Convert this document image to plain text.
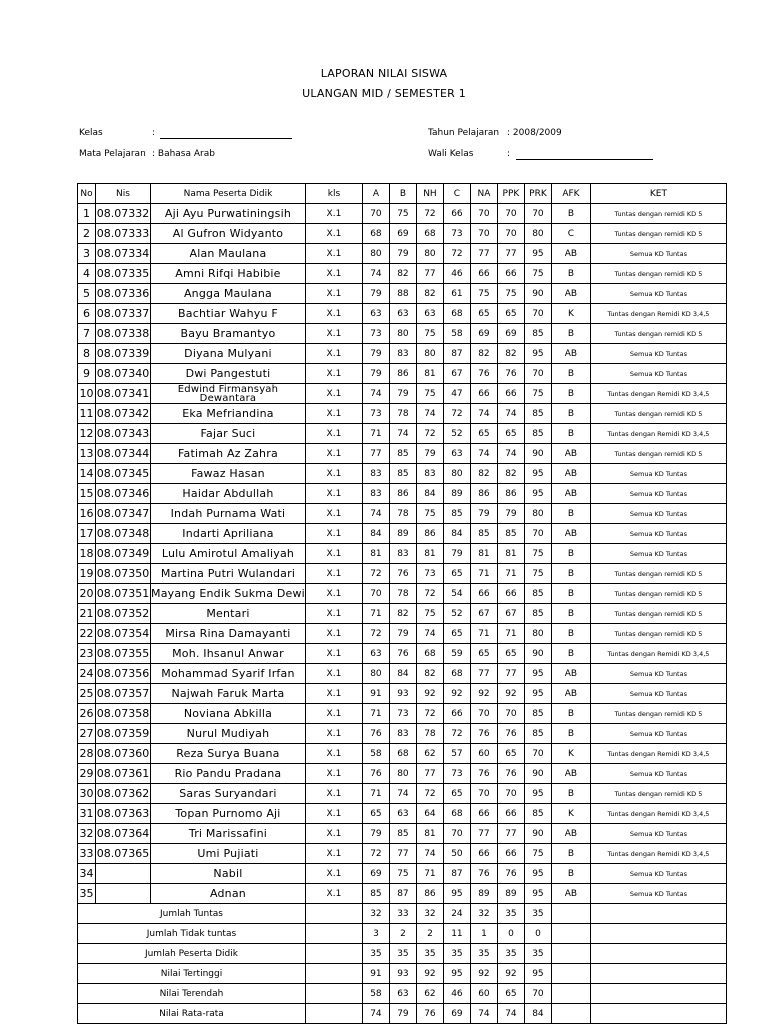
LAPORAN NILAI SISWA
ULANGAN MID / SEMESTER 1
Kelas	:
Mata Pelajaran : Bahasa Arab
Tahun Pelajaran : 2008/2009
Wali Kelas	:
No	Nis	Nama Peserta Didik	kls	A	B	NH	C	NA	PPK	PRK	AFK	KET
1	08.07332	Aji Ayu Purwatiningsih	X.1	70	75	72	66	70	70	70	B	Tuntas dengan remidi KD 5
2	08.07333	Al Gufron Widyanto	X.1	68	69	68	73	70	70	80	C	Tuntas dengan remidi KD 5
3	08.07334	Alan Maulana	X.1	80	79	80	72	77	77	95	AB	Semua KD Tuntas
4	08.07335	Amni Rifqi Habibie	X.1	74	82	77	46	66	66	75	B	Tuntas dengan remidi KD 5
5	08.07336	Angga Maulana	X.1	79	88	82	61	75	75	90	AB	Semua KD Tuntas
6	08.07337	Bachtiar Wahyu F	X.1	63	63	63	68	65	65	70	K	Tuntas dengan Remidi KD 3,4,5
7	08.07338	Bayu Bramantyo	X.1	73	80	75	58	69	69	85	B	Tuntas dengan remidi KD 5
8	08.07339	Diyana Mulyani	X.1	79	83	80	87	82	82	95	AB	Semua KD Tuntas
9	08.07340	Dwi Pangestuti	X.1	79	86	81	67	76	76	70	B	Semua KD Tuntas
10	08.07341	Edwind Firmansyah Dewantara	X.1	74	79	75	47	66	66	75	B	Tuntas dengan Remidi KD 3,4,5
11	08.07342	Eka Mefriandina	X.1	73	78	74	72	74	74	85	B	Tuntas dengan remidi KD 5
12	08.07343	Fajar Suci	X.1	71	74	72	52	65	65	85	B	Tuntas dengan Remidi KD 3,4,5
13	08.07344	Fatimah Az Zahra	X.1	77	85	79	63	74	74	90	AB	Tuntas dengan remidi KD 5
14	08.07345	Fawaz Hasan	X.1	83	85	83	80	82	82	95	AB	Semua KD Tuntas
15	08.07346	Haidar Abdullah	X.1	83	86	84	89	86	86	95	AB	Semua KD Tuntas
16	08.07347	Indah Purnama Wati	X.1	74	78	75	85	79	79	80	B	Semua KD Tuntas
17	08.07348	Indarti Apriliana	X.1	84	89	86	84	85	85	70	AB	Semua KD Tuntas
18	08.07349	Lulu Amirotul Amaliyah	X.1	81	83	81	79	81	81	75	B	Semua KD Tuntas
19	08.07350	Martina Putri Wulandari	X.1	72	76	73	65	71	71	75	B	Tuntas dengan remidi KD 5
20	08.07351	Mayang Endik Sukma Dewi	X.1	70	78	72	54	66	66	85	B	Tuntas dengan remidi KD 5
21	08.07352	Mentari	X.1	71	82	75	52	67	67	85	B	Tuntas dengan remidi KD 5
22	08.07354	Mirsa Rina Damayanti	X.1	72	79	74	65	71	71	80	B	Tuntas dengan remidi KD 5
23	08.07355	Moh. Ihsanul Anwar	X.1	63	76	68	59	65	65	90	B	Tuntas dengan Remidi KD 3,4,5
24	08.07356	Mohammad Syarif Irfan	X.1	80	84	82	68	77	77	95	AB	Semua KD Tuntas
25	08.07357	Najwah Faruk Marta	X.1	91	93	92	92	92	92	95	AB	Semua KD Tuntas
26	08.07358	Noviana Abkilla	X.1	71	73	72	66	70	70	85	B	Tuntas dengan remidi KD 5
27	08.07359	Nurul Mudiyah	X.1	76	83	78	72	76	76	85	B	Semua KD Tuntas
28	08.07360	Reza Surya Buana	X.1	58	68	62	57	60	65	70	K	Tuntas dengan Remidi KD 3,4,5
29	08.07361	Rio Pandu Pradana	X.1	76	80	77	73	76	76	90	AB	Semua KD Tuntas
30	08.07362	Saras Suryandari	X.1	71	74	72	65	70	70	95	B	Tuntas dengan remidi KD 5
31	08.07363	Topan Purnomo Aji	X.1	65	63	64	68	66	66	85	K	Tuntas dengan Remidi KD 3,4,5
32	08.07364	Tri Marissafini	X.1	79	85	81	70	77	77	90	AB	Semua KD Tuntas
33	08.07365	Umi Pujiati	X.1	72	77	74	50	66	66	75	B	Tuntas dengan Remidi KD 3,4,5
34		Nabil	X.1	69	75	71	87	76	76	95	B	Semua KD Tuntas
35		Adnan	X.1	85	87	86	95	89	89	95	AB	Semua KD Tuntas
Jumlah Tuntas				32	33	32	24	32	35	35		
Jumlah Tidak tuntas				3	2	2	11	1	0	0		
Jumlah Peserta Didik				35	35	35	35	35	35	35		
Nilai Tertinggi				91	93	92	95	92	92	95		
Nilai Terendah				58	63	62	46	60	65	70		
Nilai Rata-rata				74	79	76	69	74	74	84		
